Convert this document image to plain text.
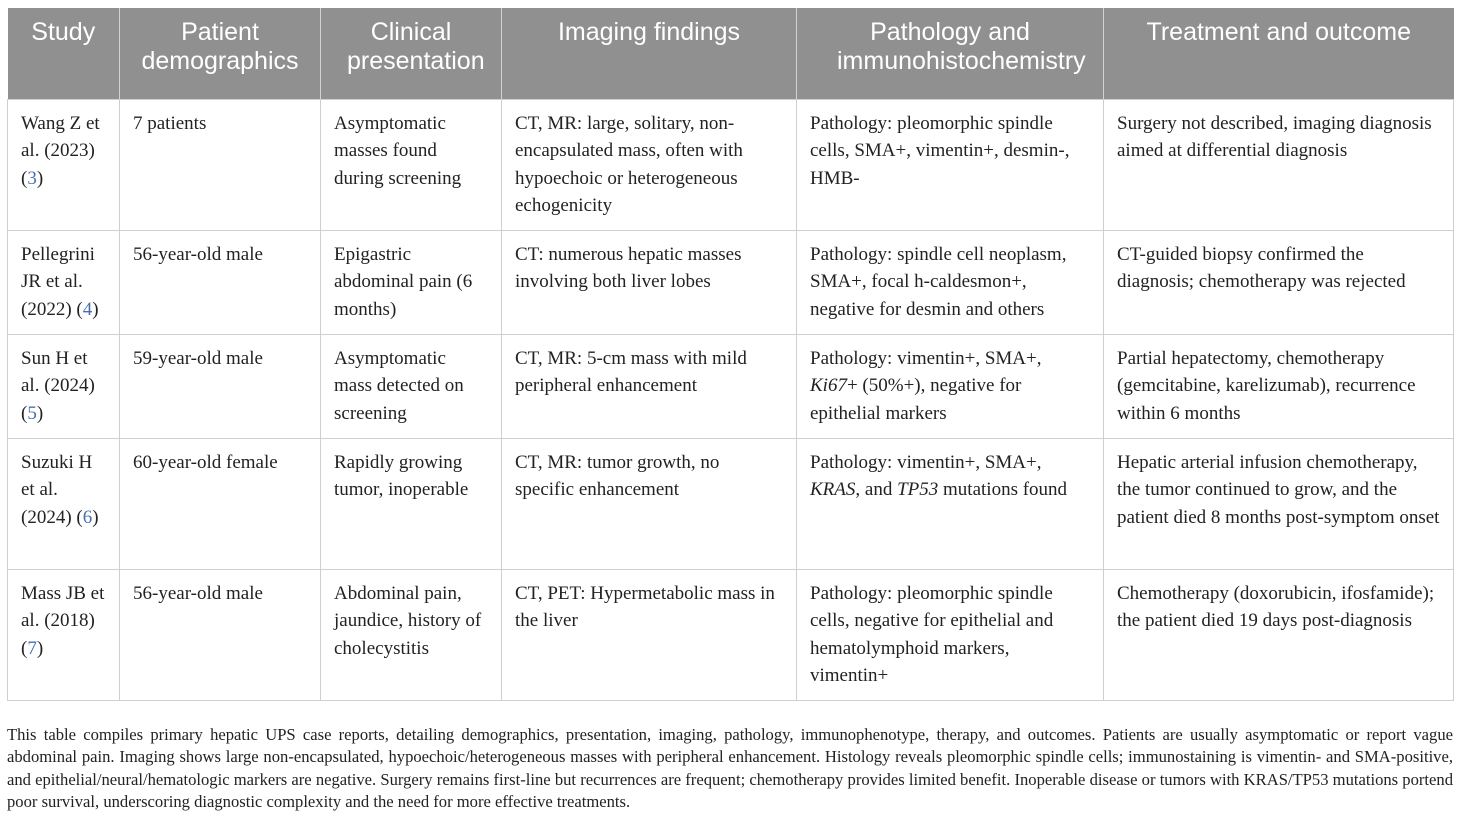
Study	Patient demographics	Clinical presentation	Imaging findings	Pathology and immunohistochemistry	Treatment and outcome
Wang Z et al. (2023) (3)	7 patients	Asymptomatic masses found during screening	CT, MR: large, solitary, non-encapsulated mass, often with hypoechoic or heterogeneous echogenicity	Pathology: pleomorphic spindle cells, SMA+, vimentin+, desmin-, HMB-	Surgery not described, imaging diagnosis aimed at differential diagnosis
Pellegrini JR et al. (2022) (4)	56-year-old male	Epigastric abdominal pain (6 months)	CT: numerous hepatic masses involving both liver lobes	Pathology: spindle cell neoplasm, SMA+, focal h-caldesmon+, negative for desmin and others	CT-guided biopsy confirmed the diagnosis; chemotherapy was rejected
Sun H et al. (2024) (5)	59-year-old male	Asymptomatic mass detected on screening	CT, MR: 5-cm mass with mild peripheral enhancement	Pathology: vimentin+, SMA+, Ki67+ (50%+), negative for epithelial markers	Partial hepatectomy, chemotherapy (gemcitabine, karelizumab), recurrence within 6 months
Suzuki H et al. (2024) (6)	60-year-old female	Rapidly growing tumor, inoperable	CT, MR: tumor growth, no specific enhancement	Pathology: vimentin+, SMA+, KRAS, and TP53 mutations found	Hepatic arterial infusion chemotherapy, the tumor continued to grow, and the patient died 8 months post-symptom onset
Mass JB et al. (2018) (7)	56-year-old male	Abdominal pain, jaundice, history of cholecystitis	CT, PET: Hypermetabolic mass in the liver	Pathology: pleomorphic spindle cells, negative for epithelial and hematolymphoid markers, vimentin+	Chemotherapy (doxorubicin, ifosfamide); the patient died 19 days post-diagnosis

This table compiles primary hepatic UPS case reports, detailing demographics, presentation, imaging, pathology, immunophenotype, therapy, and outcomes. Patients are usually asymptomatic or report vague abdominal pain. Imaging shows large non-encapsulated, hypoechoic/heterogeneous masses with peripheral enhancement. Histology reveals pleomorphic spindle cells; immunostaining is vimentin- and SMA-positive, and epithelial/neural/hematologic markers are negative. Surgery remains first-line but recurrences are frequent; chemotherapy provides limited benefit. Inoperable disease or tumors with KRAS/TP53 mutations portend poor survival, underscoring diagnostic complexity and the need for more effective treatments.
